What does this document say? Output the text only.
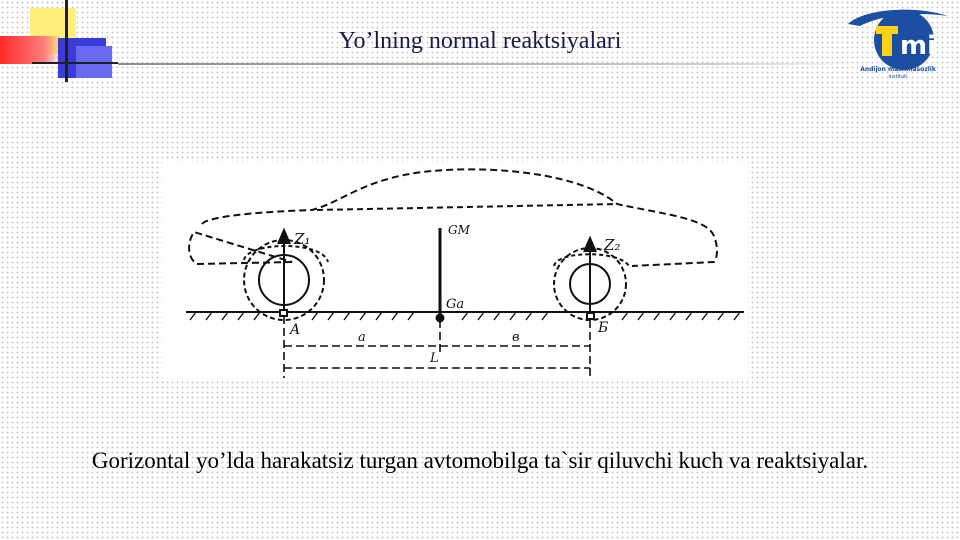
Yo’lning normal reaktsiyalari	mi
Andijon mashinasozlik
instituti
Z₁	Z₂
GM
Gа
A	Б
a	в
L
Gorizontal yo’lda harakatsiz turgan avtomobilga ta`sir qiluvchi kuch va reaktsiyalar.
